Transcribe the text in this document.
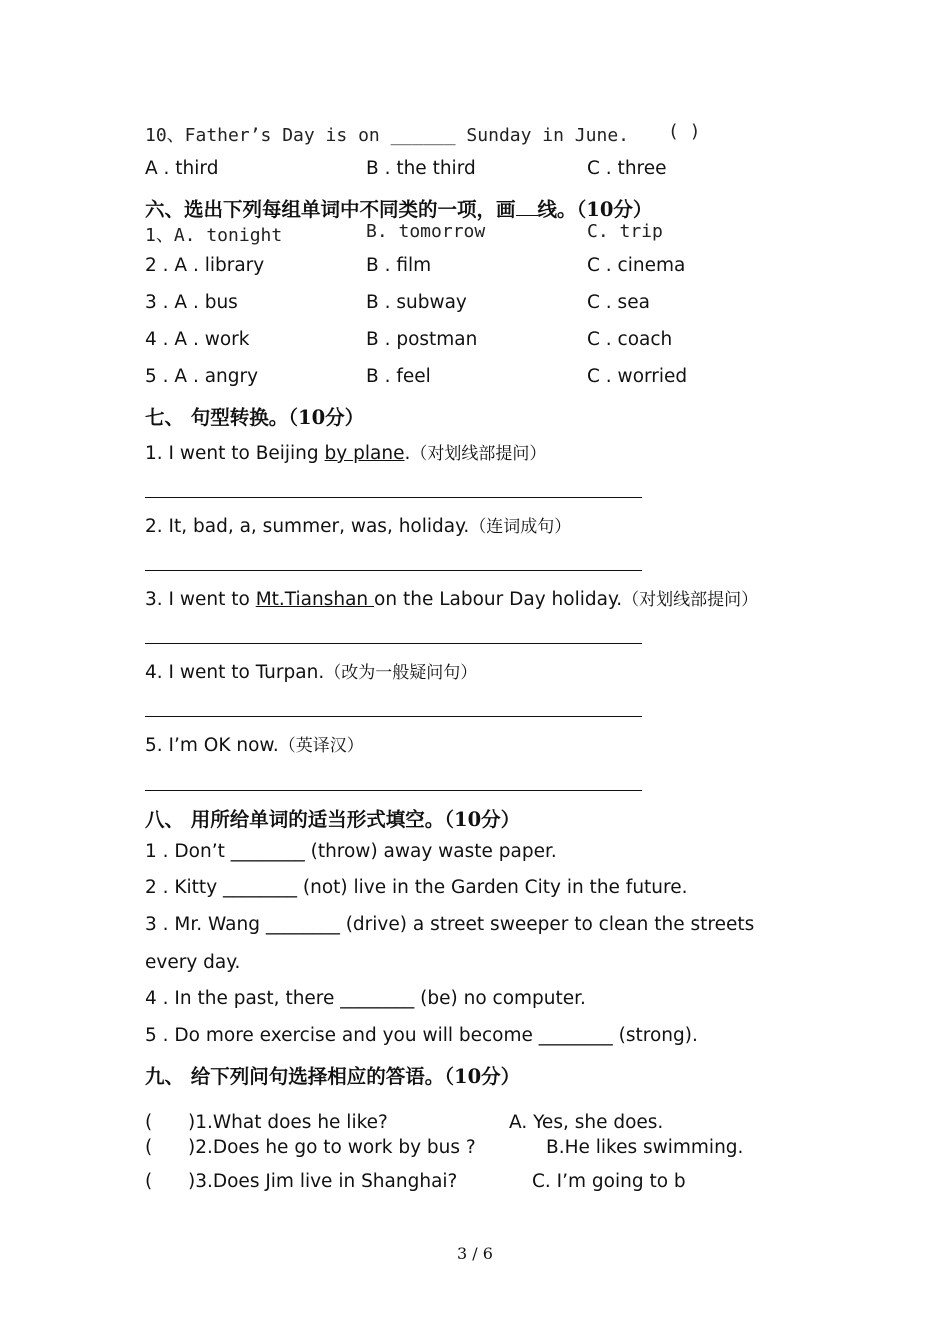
10、Father’s Day is on ______ Sunday in June. ( )
A . third	B . the third	C . three
六、选出下列每组单词中不同类的一项，画 线。（10分）
1、A. tonight	B. tomorrow	C. trip
2 . A . library	B . film	C . cinema
3 . A . bus	B . subway	C . sea
4 . A . work	B . postman	C . coach
5 . A . angry	B . feel	C . worried
七、 句型转换。（10分）
1. I went to Beijing by plane.（对划线部提问）
2. It, bad, a, summer, was, holiday.（连词成句）
3. I went to Mt.Tianshan on the Labour Day holiday.（对划线部提问）
4. I went to Turpan.（改为一般疑问句）
5. I’m OK now.（英译汉）
八、 用所给单词的适当形式填空。（10分）
1 . Don’t ________ (throw) away waste paper.
2 . Kitty ________ (not) live in the Garden City in the future.
3 . Mr. Wang ________ (drive) a street sweeper to clean the streets
every day.
4 . In the past, there ________ (be) no computer.
5 . Do more exercise and you will become ________ (strong).
九、 给下列问句选择相应的答语。（10分）
( )1.What does he like?	A. Yes, she does.
( )2.Does he go to work by bus ?	B.He likes swimming.
( )3.Does Jim live in Shanghai?	C. I’m going to b
3 / 6
